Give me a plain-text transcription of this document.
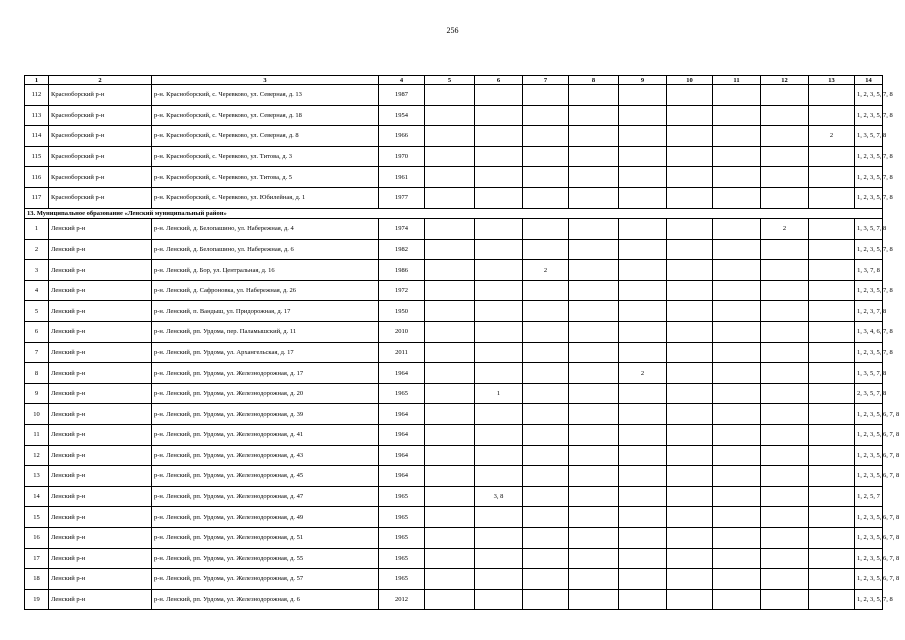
256
1	2	3	4	5	6	7	8	9	10	11	12	13	14
112	Красноборский р-н	р-н. Красноборский, с. Черевково, ул. Северная, д. 13	1987										1, 2, 3, 5, 7, 8
113	Красноборский р-н	р-н. Красноборский, с. Черевково, ул. Северная, д. 18	1954										1, 2, 3, 5, 7, 8
114	Красноборский р-н	р-н. Красноборский, с. Черевково, ул. Северная, д. 8	1966									2	1, 3, 5, 7, 8
115	Красноборский р-н	р-н. Красноборский, с. Черевково, ул. Титова, д. 3	1970										1, 2, 3, 5, 7, 8
116	Красноборский р-н	р-н. Красноборский, с. Черевково, ул. Титова, д. 5	1961										1, 2, 3, 5, 7, 8
117	Красноборский р-н	р-н. Красноборский, с. Черевково, ул. Юбилейная, д. 1	1977										1, 2, 3, 5, 7, 8
13. Муниципальное образование «Ленский муниципальный район»													
1	Ленский р-н	р-н. Ленский, д. Белопашино, ул. Набережная, д. 4	1974								2		1, 3, 5, 7, 8
2	Ленский р-н	р-н. Ленский, д. Белопашино, ул. Набережная, д. 6	1982										1, 2, 3, 5, 7, 8
3	Ленский р-н	р-н. Ленский, д. Бор, ул. Центральная, д. 16	1986			2							1, 3, 7, 8
4	Ленский р-н	р-н. Ленский, д. Сафроновка, ул. Набережная, д. 26	1972										1, 2, 3, 5, 7, 8
5	Ленский р-н	р-н. Ленский, п. Вандыш, ул. Придорожная, д. 17	1950										1, 2, 3, 7, 8
6	Ленский р-н	р-н. Ленский, рп. Урдома, пер. Паламышский, д. 11	2010										1, 3, 4, 6, 7, 8
7	Ленский р-н	р-н. Ленский, рп. Урдома, ул. Архангельская, д. 17	2011										1, 2, 3, 5, 7, 8
8	Ленский р-н	р-н. Ленский, рп. Урдома, ул. Железнодорожная, д. 17	1964					2					1, 3, 5, 7, 8
9	Ленский р-н	р-н. Ленский, рп. Урдома, ул. Железнодорожная, д. 20	1965		1								2, 3, 5, 7, 8
10	Ленский р-н	р-н. Ленский, рп. Урдома, ул. Железнодорожная, д. 39	1964										1, 2, 3, 5, 6, 7, 8
11	Ленский р-н	р-н. Ленский, рп. Урдома, ул. Железнодорожная, д. 41	1964										1, 2, 3, 5, 6, 7, 8
12	Ленский р-н	р-н. Ленский, рп. Урдома, ул. Железнодорожная, д. 43	1964										1, 2, 3, 5, 6, 7, 8
13	Ленский р-н	р-н. Ленский, рп. Урдома, ул. Железнодорожная, д. 45	1964										1, 2, 3, 5, 6, 7, 8
14	Ленский р-н	р-н. Ленский, рп. Урдома, ул. Железнодорожная, д. 47	1965		3, 8								1, 2, 5, 7
15	Ленский р-н	р-н. Ленский, рп. Урдома, ул. Железнодорожная, д. 49	1965										1, 2, 3, 5, 6, 7, 8
16	Ленский р-н	р-н. Ленский, рп. Урдома, ул. Железнодорожная, д. 51	1965										1, 2, 3, 5, 6, 7, 8
17	Ленский р-н	р-н. Ленский, рп. Урдома, ул. Железнодорожная, д. 55	1965										1, 2, 3, 5, 6, 7, 8
18	Ленский р-н	р-н. Ленский, рп. Урдома, ул. Железнодорожная, д. 57	1965										1, 2, 3, 5, 6, 7, 8
19	Ленский р-н	р-н. Ленский, рп. Урдома, ул. Железнодорожная, д. 6	2012										1, 2, 3, 5, 7, 8
